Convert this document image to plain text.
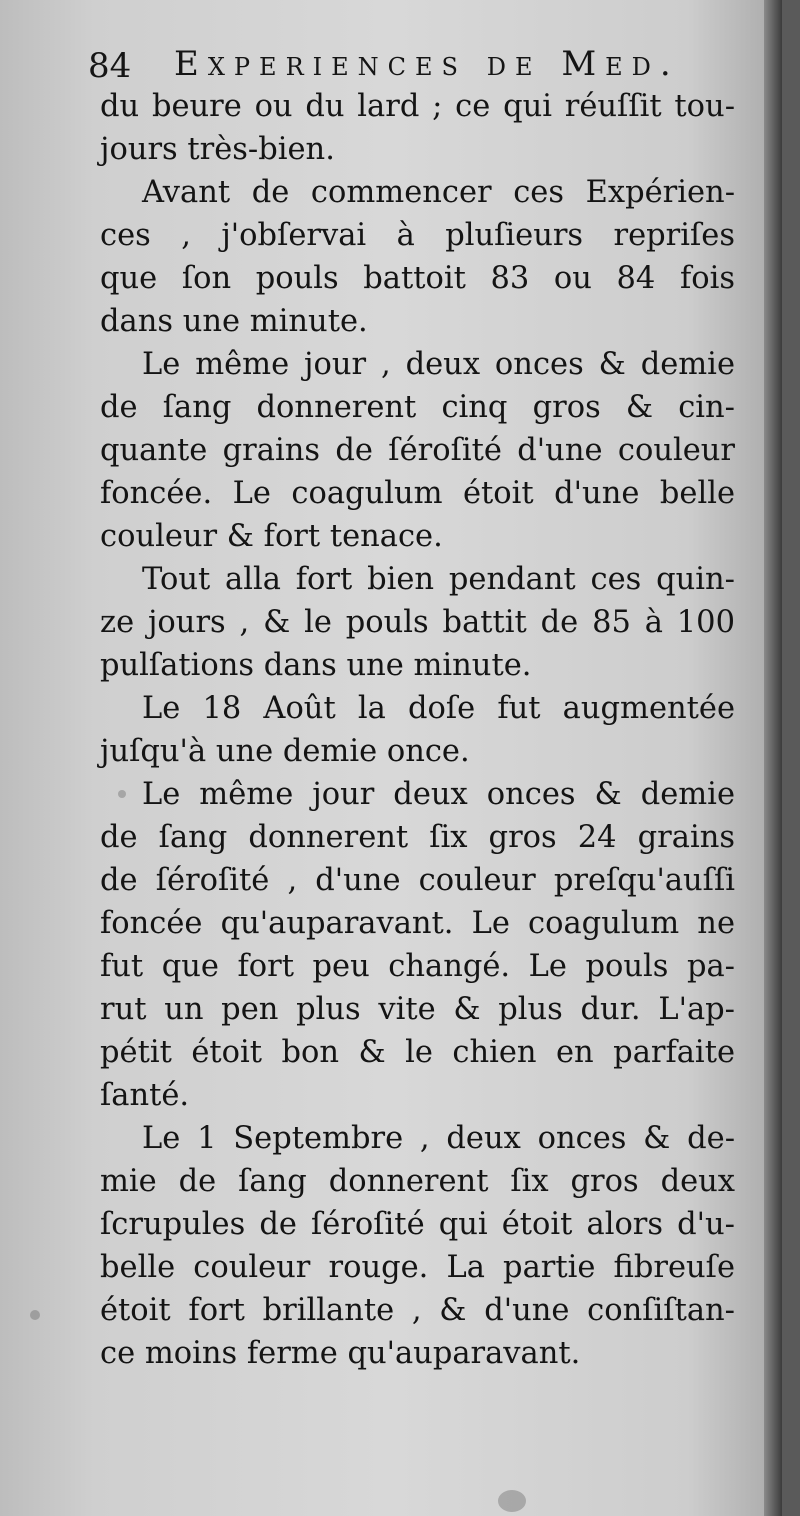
84 Experiences de Med.
du beure ou du lard ; ce qui réuſſit tou-
jours très-bien.
Avant de commencer ces Expérien-
ces , j'obſervai à pluſieurs repriſes
que ſon pouls battoit 83 ou 84 fois
dans une minute.
Le même jour , deux onces & demie
de ſang donnerent cinq gros & cin-
quante grains de ſéroſité d'une couleur
foncée. Le coagulum étoit d'une belle
couleur & fort tenace.
Tout alla fort bien pendant ces quin-
ze jours , & le pouls battit de 85 à 100
pulſations dans une minute.
Le 18 Août la doſe fut augmentée
juſqu'à une demie once.
Le même jour deux onces & demie
de ſang donnerent ſix gros 24 grains
de ſéroſité , d'une couleur preſqu'auſſi
foncée qu'auparavant. Le coagulum ne
fut que fort peu changé. Le pouls pa-
rut un pen plus vite & plus dur. L'ap-
pétit étoit bon & le chien en parfaite
ſanté.
Le 1 Septembre , deux onces & de-
mie de ſang donnerent ſix gros deux
ſcrupules de ſéroſité qui étoit alors d'u-
belle couleur rouge. La partie fibreuſe
étoit fort brillante , & d'une conſiſtan-
ce moins ferme qu'auparavant.
